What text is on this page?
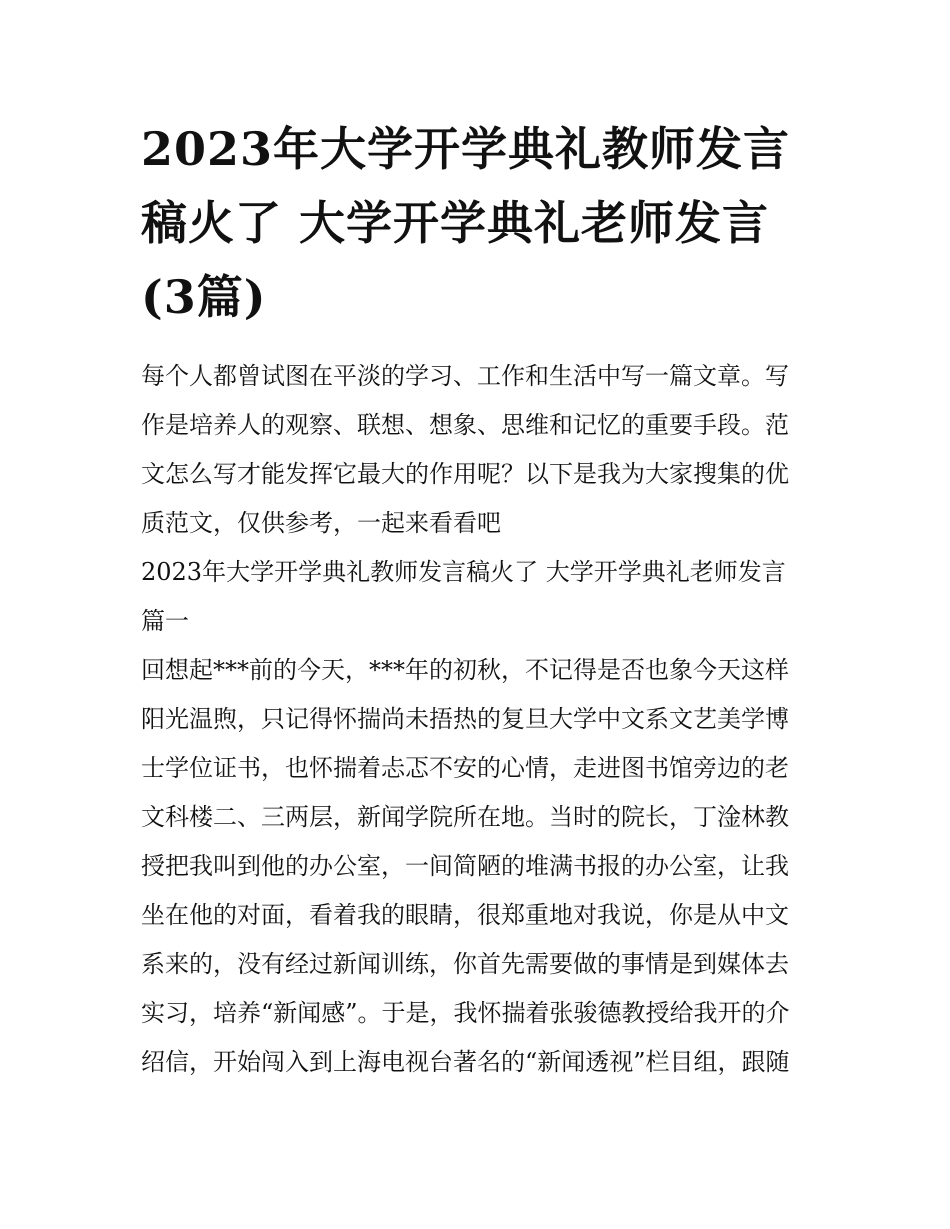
2023年大学开学典礼教师发言
稿火了 大学开学典礼老师发言
(3篇)

每个人都曾试图在平淡的学习、工作和生活中写一篇文章。写
作是培养人的观察、联想、想象、思维和记忆的重要手段。范
文怎么写才能发挥它最大的作用呢？以下是我为大家搜集的优
质范文，仅供参考，一起来看看吧

2023年大学开学典礼教师发言稿火了 大学开学典礼老师发言
篇一

回想起***前的今天，***年的初秋，不记得是否也象今天这样
阳光温煦，只记得怀揣尚未捂热的复旦大学中文系文艺美学博
士学位证书，也怀揣着忐忑不安的心情，走进图书馆旁边的老
文科楼二、三两层，新闻学院所在地。当时的院长，丁淦林教
授把我叫到他的办公室，一间简陋的堆满书报的办公室，让我
坐在他的对面，看着我的眼睛，很郑重地对我说，你是从中文
系来的，没有经过新闻训练，你首先需要做的事情是到媒体去
实习，培养“新闻感”。于是，我怀揣着张骏德教授给我开的介
绍信，开始闯入到上海电视台著名的“新闻透视”栏目组，跟随
